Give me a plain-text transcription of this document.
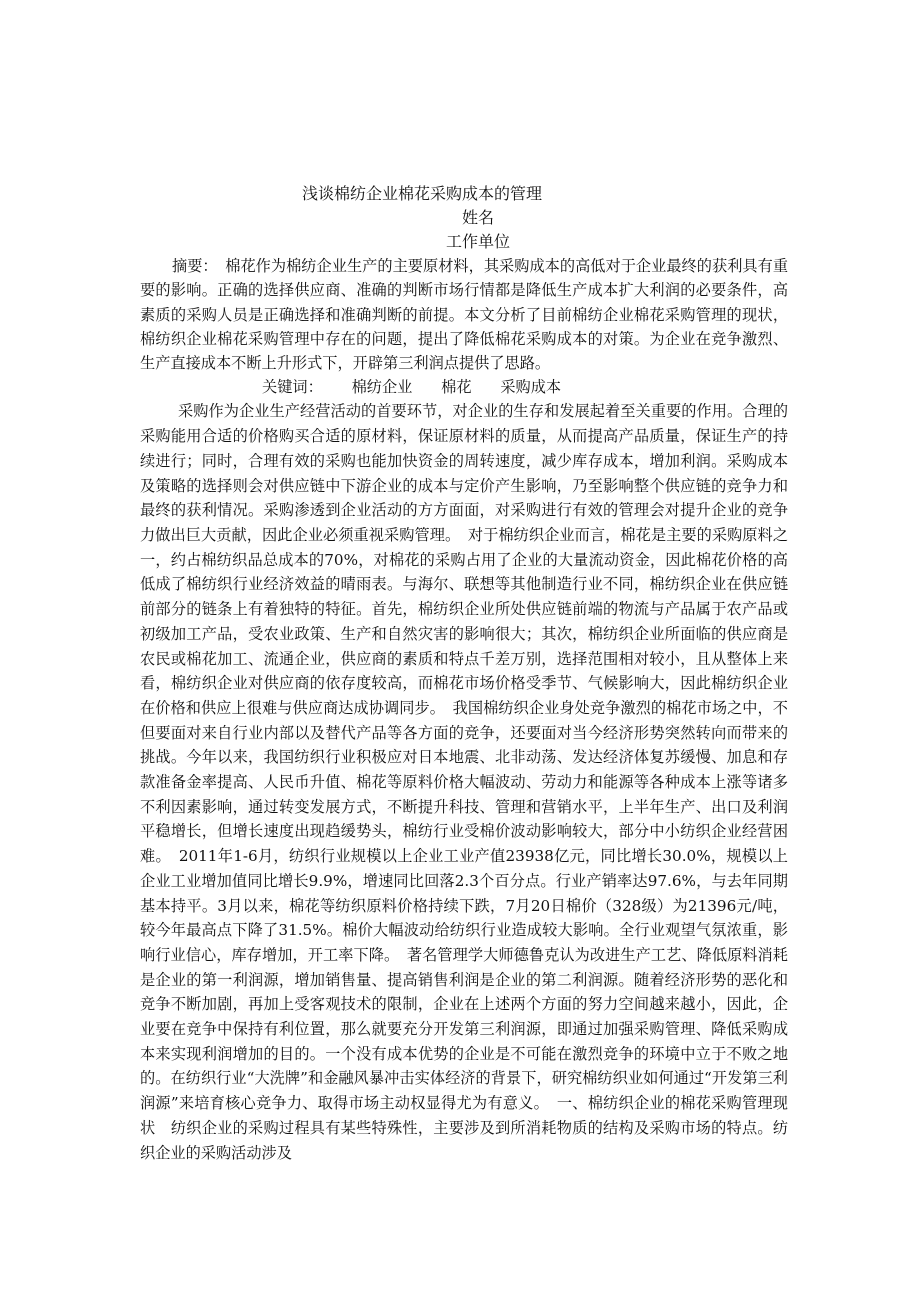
浅谈棉纺企业棉花采购成本的管理
姓名
工作单位

摘要：  棉花作为棉纺企业生产的主要原材料，其采购成本的高低对于企业最终的获利具有重要的影响。正确的选择供应商、准确的判断市场行情都是降低生产成本扩大利润的必要条件，高素质的采购人员是正确选择和准确判断的前提。本文分析了目前棉纺企业棉花采购管理的现状，棉纺织企业棉花采购管理中存在的问题，提出了降低棉花采购成本的对策。为企业在竞争激烈、生产直接成本不断上升形式下，开辟第三利润点提供了思路。

关键词： 棉纺企业 棉花 采购成本

采购作为企业生产经营活动的首要环节，对企业的生存和发展起着至关重要的作用。合理的采购能用合适的价格购买合适的原材料，保证原材料的质量，从而提高产品质量，保证生产的持续进行；同时，合理有效的采购也能加快资金的周转速度，减少库存成本，增加利润。采购成本及策略的选择则会对供应链中下游企业的成本与定价产生影响，乃至影响整个供应链的竞争力和最终的获利情况。采购渗透到企业活动的方方面面，对采购进行有效的管理会对提升企业的竞争力做出巨大贡献，因此企业必须重视采购管理。　对于棉纺织企业而言，棉花是主要的采购原料之一，约占棉纺织品总成本的70%，对棉花的采购占用了企业的大量流动资金，因此棉花价格的高低成了棉纺织行业经济效益的晴雨表。与海尔、联想等其他制造行业不同，棉纺织企业在供应链前部分的链条上有着独特的特征。首先，棉纺织企业所处供应链前端的物流与产品属于农产品或初级加工产品，受农业政策、生产和自然灾害的影响很大；其次，棉纺织企业所面临的供应商是农民或棉花加工、流通企业，供应商的素质和特点千差万别，选择范围相对较小，且从整体上来看，棉纺织企业对供应商的依存度较高，而棉花市场价格受季节、气候影响大，因此棉纺织企业在价格和供应上很难与供应商达成协调同步。　我国棉纺织企业身处竞争激烈的棉花市场之中，不但要面对来自行业内部以及替代产品等各方面的竞争，还要面对当今经济形势突然转向而带来的挑战。今年以来，我国纺织行业积极应对日本地震、北非动荡、发达经济体复苏缓慢、加息和存款准备金率提高、人民币升值、棉花等原料价格大幅波动、劳动力和能源等各种成本上涨等诸多不利因素影响，通过转变发展方式，不断提升科技、管理和营销水平，上半年生产、出口及利润平稳增长，但增长速度出现趋缓势头，棉纺行业受棉价波动影响较大，部分中小纺织企业经营困难。　2011年1-6月，纺织行业规模以上企业工业产值23938亿元，同比增长30.0%，规模以上企业工业增加值同比增长9.9%，增速同比回落2.3个百分点。行业产销率达97.6%，与去年同期基本持平。3月以来，棉花等纺织原料价格持续下跌，7月20日棉价（328级）为21396元/吨，较今年最高点下降了31.5%。棉价大幅波动给纺织行业造成较大影响。全行业观望气氛浓重，影响行业信心，库存增加，开工率下降。　著名管理学大师德鲁克认为改进生产工艺、降低原料消耗是企业的第一利润源，增加销售量、提高销售利润是企业的第二利润源。随着经济形势的恶化和竞争不断加剧，再加上受客观技术的限制，企业在上述两个方面的努力空间越来越小，因此，企业要在竞争中保持有利位置，那么就要充分开发第三利润源，即通过加强采购管理、降低采购成本来实现利润增加的目的。一个没有成本优势的企业是不可能在激烈竞争的环境中立于不败之地的。在纺织行业“大洗牌”和金融风暴冲击实体经济的背景下，研究棉纺织业如何通过“开发第三利润源”来培育核心竞争力、取得市场主动权显得尤为有意义。　一、棉纺织企业的棉花采购管理现状　纺织企业的采购过程具有某些特殊性，主要涉及到所消耗物质的结构及采购市场的特点。纺织企业的采购活动涉及
